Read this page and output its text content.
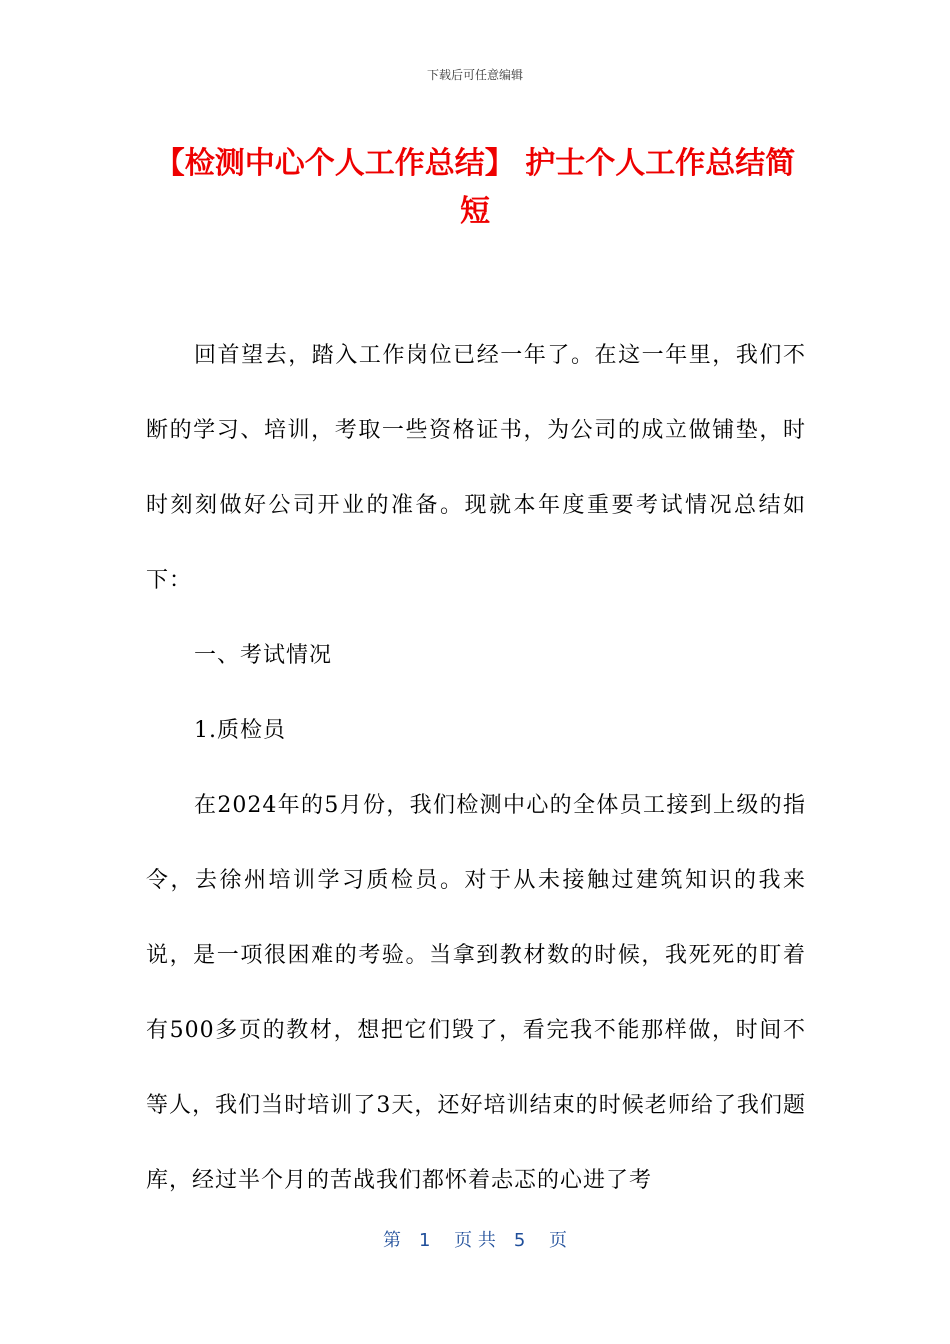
下载后可任意编辑
【检测中心个人工作总结】 护士个人工作总结简短

回首望去，踏入工作岗位已经一年了。在这一年里，我们不断的学习、培训，考取一些资格证书，为公司的成立做铺垫，时时刻刻做好公司开业的准备。现就本年度重要考试情况总结如下：

一、考试情况

1.质检员

在2024年的5月份，我们检测中心的全体员工接到上级的指令，去徐州培训学习质检员。对于从未接触过建筑知识的我来说，是一项很困难的考验。当拿到教材数的时候，我死死的盯着有500多页的教材，想把它们毁了，看完我不能那样做，时间不等人，我们当时培训了3天，还好培训结束的时候老师给了我们题库，经过半个月的苦战我们都怀着忐忑的心进了考

第　1　 页 共　5　 页
